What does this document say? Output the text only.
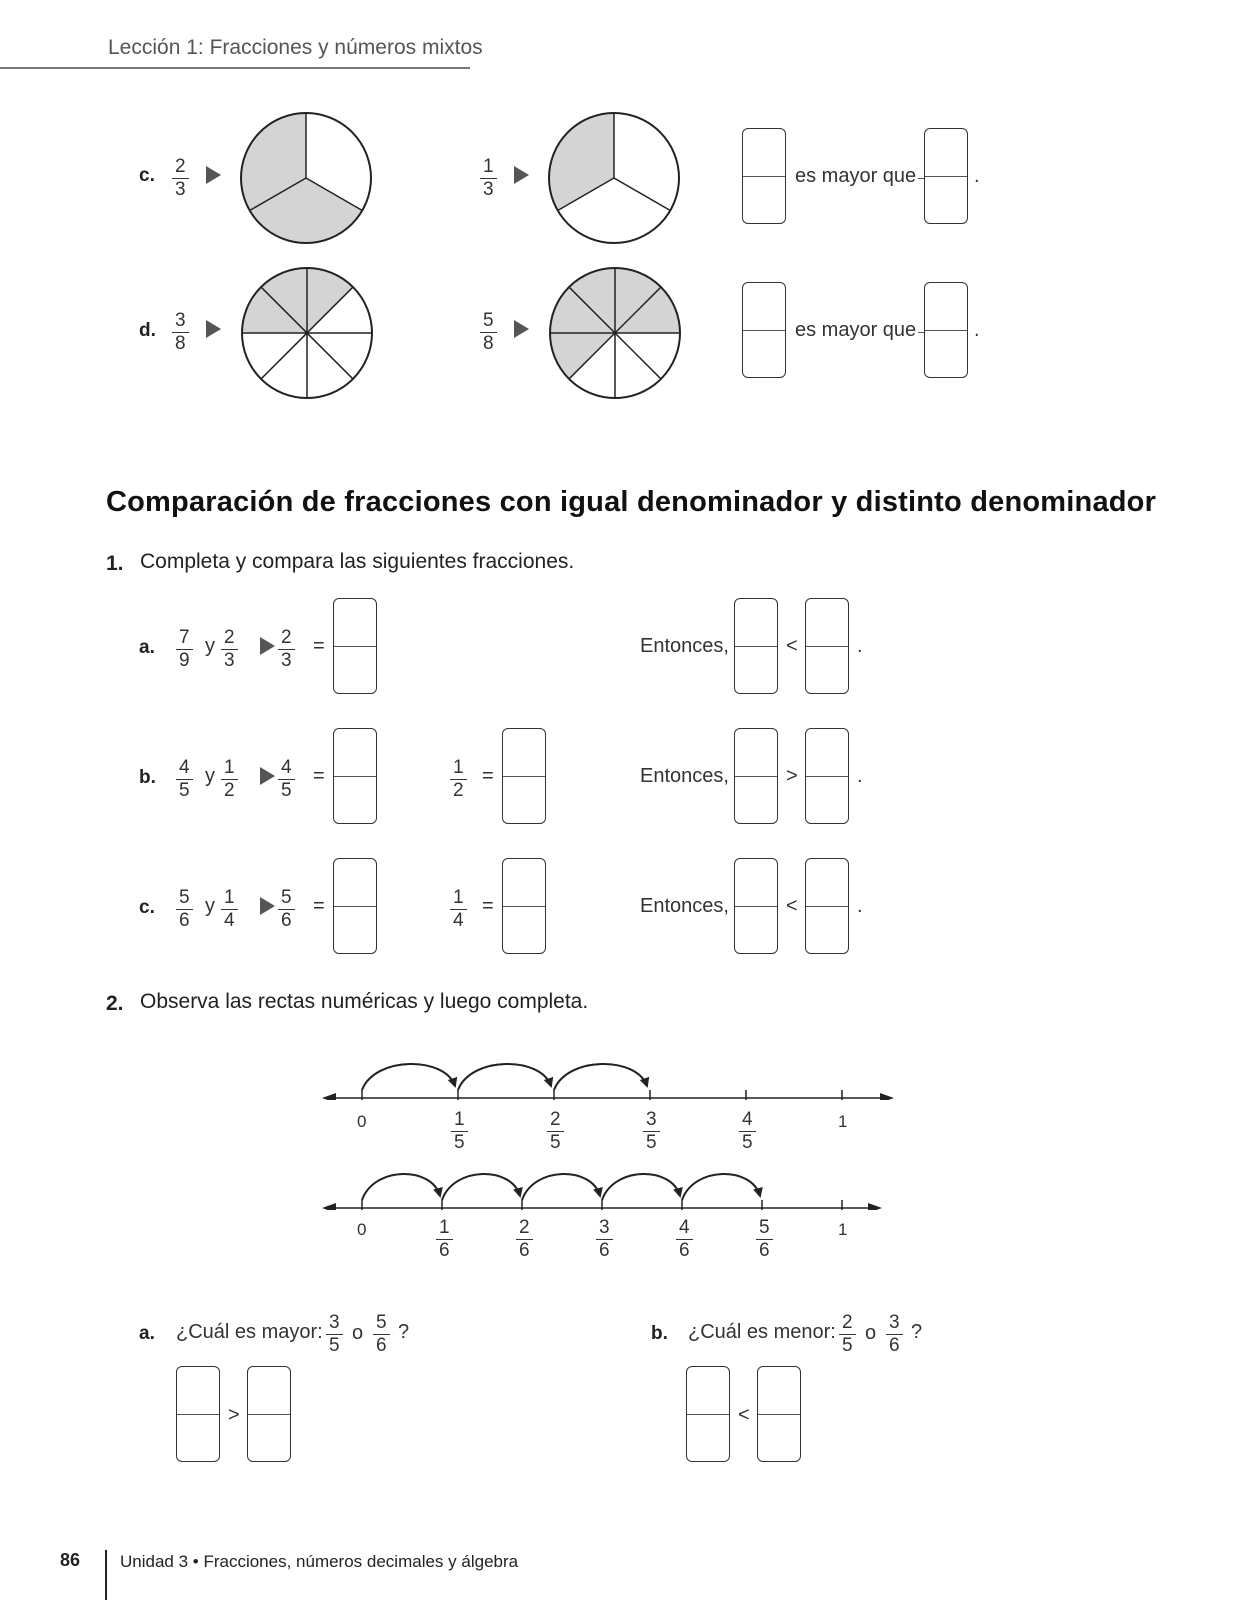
Lección 1: Fracciones y números mixtos
c. $\frac{2}{3}$	$\frac{1}{3}$	es mayor que	.
d. $\frac{3}{8}$	$\frac{5}{8}$	es mayor que	.
Comparación de fracciones con igual denominador y distinto denominador
1. Completa y compara las siguientes fracciones.
a. $\frac{7}{9}$ y $\frac{2}{3} \frac{2}{3}$ =	Entonces,	<	.
b. $\frac{4}{5}$ y $\frac{1}{2} \frac{4}{5}$ =	$\frac{1}{2}$ =	Entonces,	>	.
c. $\frac{5}{6}$ y $\frac{1}{4} \frac{5}{6}$ =	$\frac{1}{4}$ =	Entonces,	<	.
2. Observa las rectas numéricas y luego completa.
0	$\frac{1}{5}$	$\frac{2}{5}$	$\frac{3}{5}$	$\frac{4}{5}$	1
0	$\frac{1}{6}$	$\frac{2}{6}$	$\frac{3}{6}$	$\frac{4}{6}$	$\frac{5}{6}$	1
a. ¿Cuál es mayor: $\frac{3}{5}$ o $\frac{5}{6}$ ?
>
b. ¿Cuál es menor: $\frac{2}{5}$ o $\frac{3}{6}$ ?
<
86 Unidad 3 • Fracciones, números decimales y álgebra
